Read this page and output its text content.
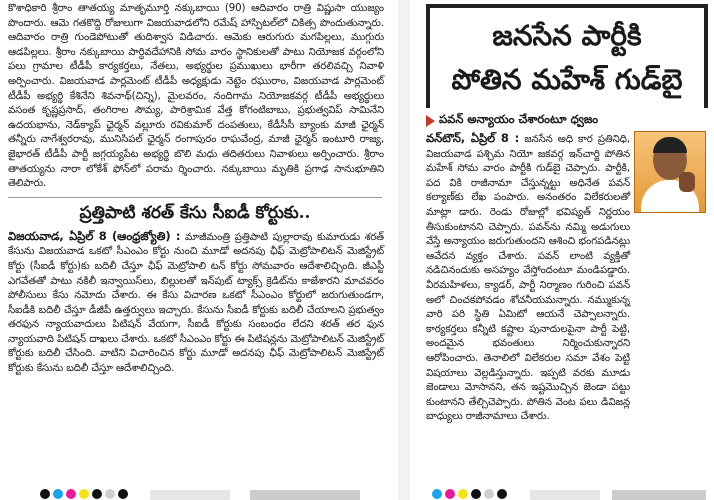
కొశాధికారి శ్రీరాం తాతయ్య మాతృమూర్తి నక్కుబాయి (90) ఆదివారం రాత్రి విష్ణుసా యుజ్యం పొందారు. ఆమె గతకొద్ది రోజులుగా విజయవాడలోని రమేష్ హాస్పిటల్‌లో చికిత్స పొందుతున్నారు. ఆదివారం రాత్రి గుండెపోటుతో తుదిశ్వాస విడిచారు. ఆమెకు ఆరుగురు మగపిల్లలు, ముగ్గురు ఆడపిల్లలు. శ్రీరాం నక్కుబాయి పార్ధివదేహానికి సోమ వారం స్థానికులతో పాటు నియోజక వర్గంలోని పలు గ్రామాల టీడీపీ కార్యకర్తలు, నేతలు, అభ్యర్థుల ప్రముఖులు భారీగా తరలివచ్చి నివాళి అర్పించారు. విజయవాడ పార్లమెంట్ టీడీపీ అధ్యక్షుడు నెట్టెం రఘురాం, విజయవాడ పార్లమెంట్ టీడీపీ అభ్యర్థి కేశినేని శివనాథ్(చిన్ని), మైలవరం, నందిగామ నియోజకవర్గ టీడీపీ అభ్యర్థులు వసంత కృష్ణప్రసాద్, తంగిరాల సౌమ్య, పారిశ్రామిక వేత్త కోగంటిబాబు, ప్రభుత్వవిప్ సామినేని ఉదయభాను, నెడ్‌క్యాప్ ఛైర్మన్ వల్లూరు రవికుమార్ దంపతులు, కేడీసీసీ బ్యాంకు మాజీ ఛైర్మన్ తన్నీరు నాగేశ్వరరావు, మునిసిపల్ ఛైర్మన్ రంగాపురం రాఘవేంద్ర, మాజీ ఛైర్మన్ ఇంటూరి రాజ్య, జైభారత్ టీడీపీ పార్టీ జగ్గయ్యపేట అభ్యర్థి బొలి మధు తదితరులు నివాళులు అర్పించారు. శ్రీరాం తాతయ్యను నారా లోకేశ్ ఫోన్‌లో పరామ ర్శించారు. నక్కుబాయి మృతికి ప్రగాఢ సానుభూతిని తెలిపారు.

ప్రత్తిపాటి శరత్ కేసు సీఐడీ కోర్టుకు..

విజయవాడ, ఏప్రిల్ 8 (ఆంధ్రజ్యోతి) : మాజీమంత్రి ప్రత్తిపాటి పుల్లారావు కుమారుడు శరత్ కేసును విజయవాడ ఒకటో సీఎంఎం కోర్టు నుంచి మూడో అదనపు ఛీఫ్ మెట్రోపాలిటన్ మెజిస్ట్రేట్ కోర్టు (సీఐడీ కోర్టు)కు బదిలీ చేస్తూ ఛీఫ్ మెట్రోపాలి టన్ కోర్టు సోమవారం ఆదేశాలిచ్చింది. జీఎస్టీ ఎగవేతతో పాటు నకిలీ ఇన్వాయిస్‌లు, బిల్లులతో ఇన్‌పుట్ ట్యాక్స్ క్రెడిట్‌ను కాజేశారని మాచవరం పోలీసులు కేసు నమోదు చేశారు. ఈ కేసు విచారణ ఒకటో సీఎంఎం కోర్టులో జరుగుతుండగా, సీఐడీకి బదిలీ చేస్తూ డీజీపీ ఉత్తర్వులు ఇచ్చారు. కేసును సీఐడీ కోర్టుకు బదిలీ చేయాలని ప్రభుత్వం తరఫున న్యాయవాదులు పిటిషన్ వేయగా, సీఐడీ కోర్టుకు సంబంధం లేదని శరత్ తర ఫున న్యాయవాది పిటిషన్ దాఖలు చేశారు. ఒకటో సీఎంఎం కోర్టు ఈ పిటిషన్లను మెట్రోపాలిటన్ మెజిస్ట్రేట్ కోర్టుకు బదిలీ చేసింది. వాటిని విచారించిన కోర్టు మూడో అదనపు ఛీఫ్ మెట్రోపాలిటన్ మెజిస్ట్రేట్ కోర్టుకు కేసును బదిలీ చేస్తూ ఆదేశాలిచ్చింది.

జనసేన పార్టీకి
పోతిన మహేశ్ గుడ్‌బై
పవన్ అన్యాయం చేశారంటూ ధ్వజం

వన్‌టౌన్, ఏప్రిల్ 8 : జనసేన అధి కార ప్రతినిధి, విజయవాడ పశ్చిమ నియో జకవర్గ ఇన్‌చార్జి పోతిన మహేశ్ సోమ వారం పార్టీకి గుడ్‌బై చెప్పారు. పార్టీకి, పద వికి రాజీనామా చేస్తున్నట్టు అధినేత పవన్ కల్యాణ్‌కు లేఖ పంపారు. అనంతరం విలేకరులతో మాట్లా డారు. రెండు రోజుల్లో భవిష్యత్ నిర్ణయం తీసుకుంటానని చెప్పారు. పవన్‌ను నమ్మి అడుగులు వేస్తే అన్యాయం జరుగుతుందని ఆశించి భంగపడినట్లు ఆవేదన వ్యక్తం చేశారు. పవన్ లాంటి వ్యక్తితో నడిచినందుకు అసహ్యం వేస్తోందంటూ మండిపడ్డారు. వీరమహిళలు, క్యాడర్, పార్టీ నిర్మాణం గురించి పవన్ అలో చించకపోవడం శోచనీయమన్నారు. నమ్ముకున్న వారి పరి స్థితి ఏమిటో ఆయనే చెప్పాలన్నారు. కార్యకర్తలు కన్నీటి కష్టాల పునాదులపైనా పార్టీ పెట్టి, అందమైన భవంతులు నిర్మించుకున్నారని ఆరోపించారు. తెనాలిలో విలేకరుల సమా వేశం పెట్టి విషయాలు వెల్లడిస్తున్నారు. ఇప్పటి వరకు మూడు జెండాలు మోసానని, తన ఇష్టమొచ్చిన జెండా పట్టు కుంటానని తేల్చిచెప్పారు. పోతిన వెంట పలు డివిజన్ల బాధ్యులు రాజీనామాలు చేశారు.
